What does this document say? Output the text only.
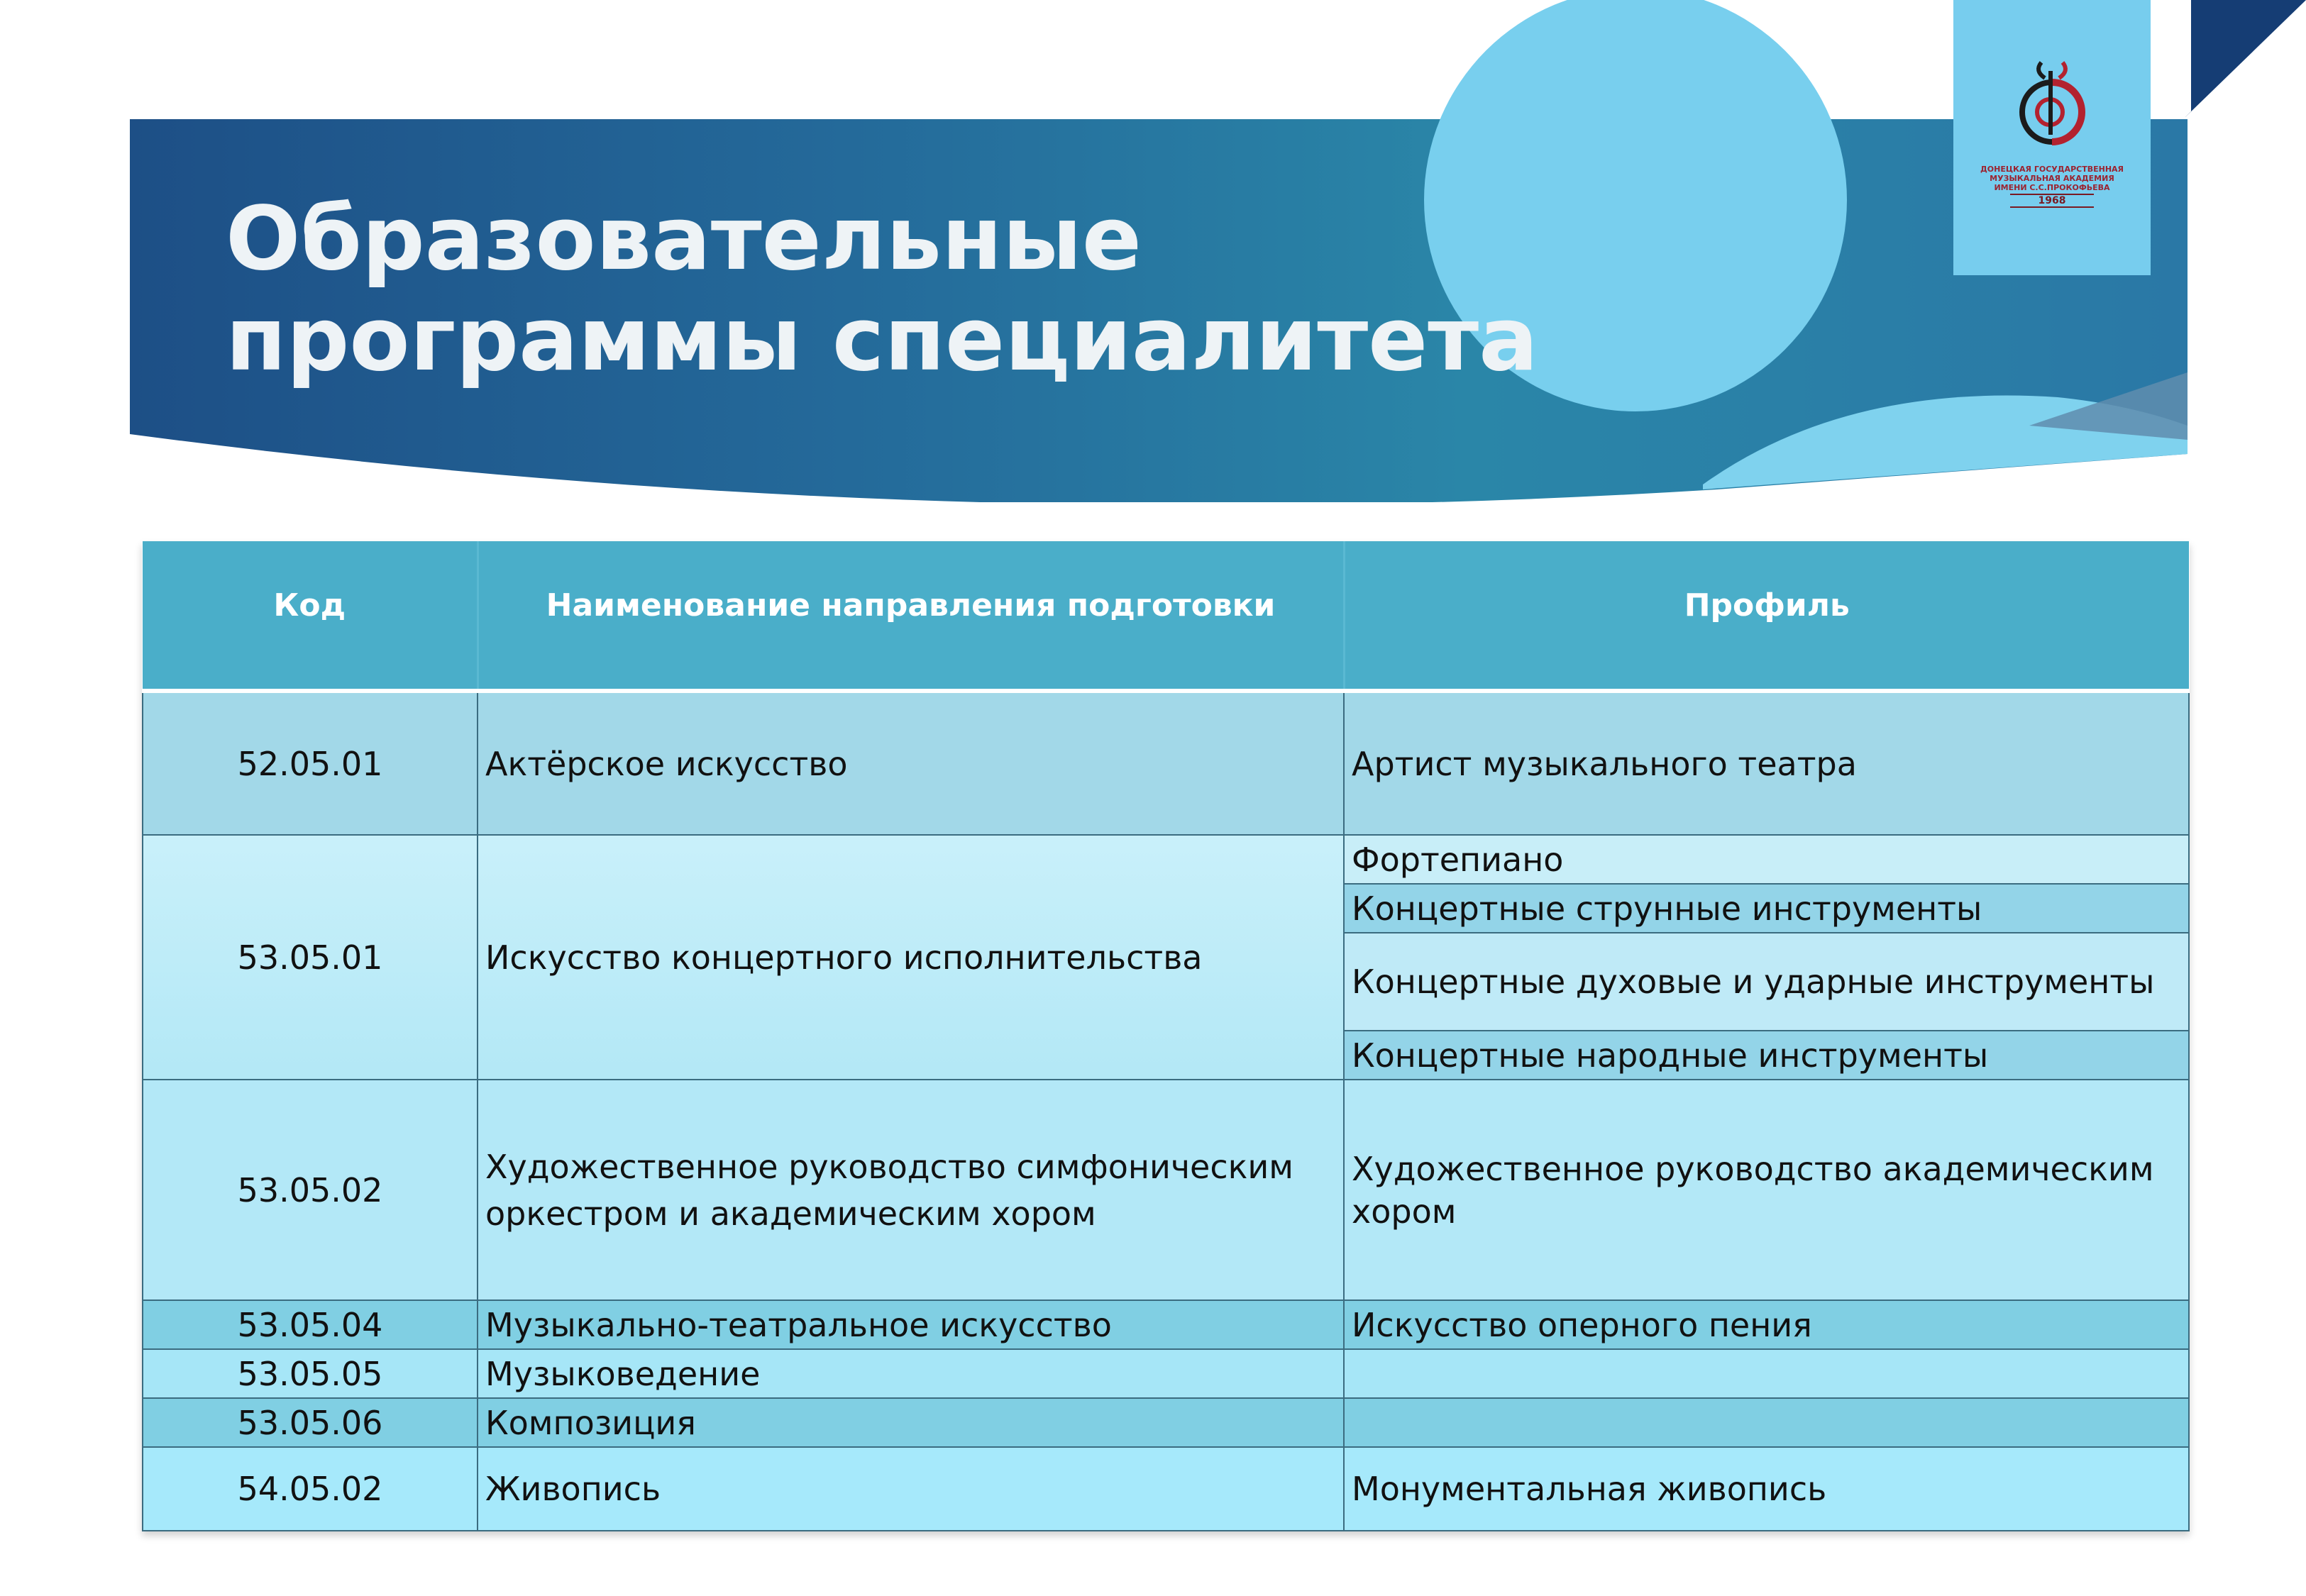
Образовательные
программы специалитета
ДОНЕЦКАЯ ГОСУДАРСТВЕННАЯ
МУЗЫКАЛЬНАЯ АКАДЕМИЯ
ИМЕНИ С.С.ПРОКОФЬЕВА
1968
Код	Наименование направления подготовки	Профиль
52.05.01	Актёрское искусство	Артист музыкального театра
53.05.01	Искусство концертного исполнительства	Фортепиано
		Концертные струнные инструменты
		Концертные духовые и ударные инструменты
		Концертные народные инструменты
53.05.02	Художественное руководство симфоническим оркестром и академическим хором	Художественное руководство академическим хором
53.05.04	Музыкально-театральное искусство	Искусство оперного пения
53.05.05	Музыковедение	
53.05.06	Композиция	
54.05.02	Живопись	Монументальная живопись
